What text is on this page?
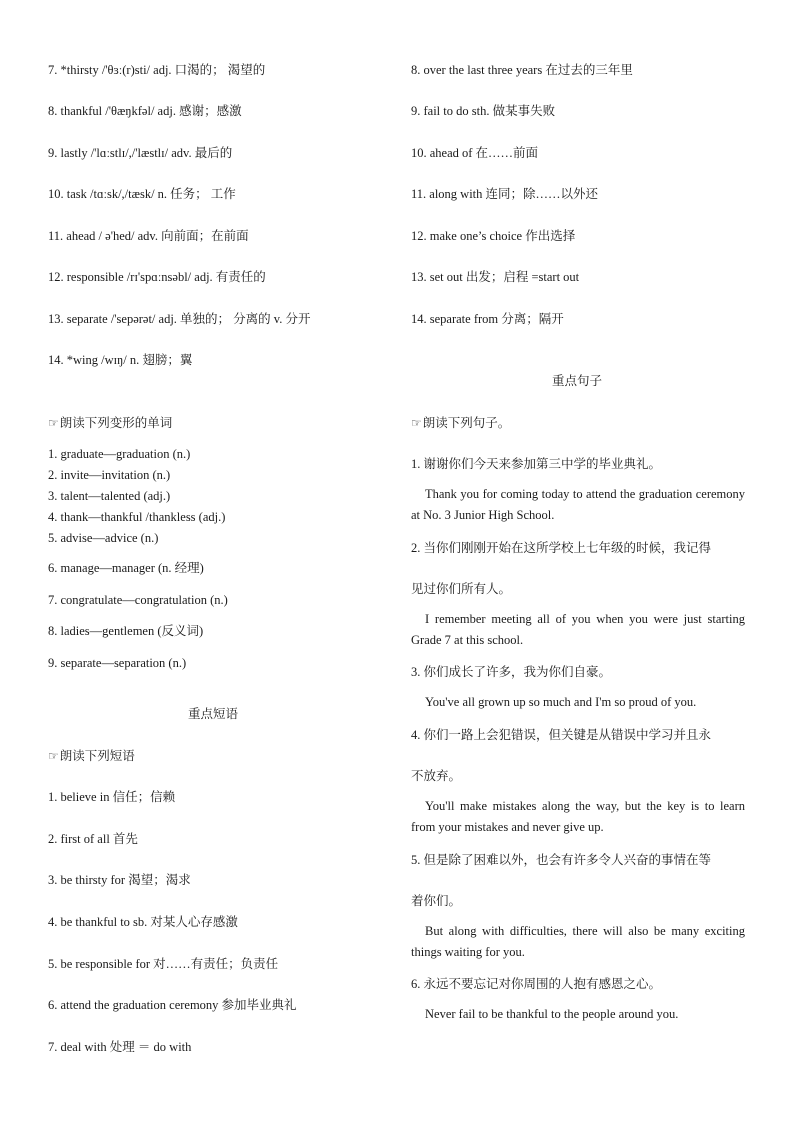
7. *thirsty /'θɜː(r)sti/ adj. 口渴的； 渴望的
8. thankful /'θæŋkfəl/ adj. 感谢；感激
9. lastly /'lɑːstlɪ/,/'læstlɪ/ adv. 最后的
10. task /tɑːsk/,/tæsk/ n. 任务； 工作
11. ahead / ə'hed/ adv. 向前面；在前面
12. responsible /rɪ'spɑːnsəbl/ adj. 有责任的
13. separate /'sepərət/ adj. 单独的； 分离的 v. 分开
14. *wing /wɪŋ/ n. 翅膀；翼
☞朗读下列变形的单词
1. graduate—graduation (n.)
2. invite—invitation (n.)
3. talent—talented (adj.)
4. thank—thankful /thankless (adj.)
5. advise—advice (n.)
6. manage—manager (n. 经理)
7. congratulate—congratulation (n.)
8. ladies—gentlemen (反义词)
9. separate—separation (n.)
重点短语
☞朗读下列短语
1. believe in 信任；信赖
2. first of all 首先
3. be thirsty for 渴望；渴求
4. be thankful to sb. 对某人心存感激
5. be responsible for 对……有责任；负责任
6. attend the graduation ceremony 参加毕业典礼
7. deal with 处理 ＝ do with
8. over the last three years 在过去的三年里
9. fail to do sth. 做某事失败
10. ahead of 在……前面
11. along with 连同；除……以外还
12. make one’s choice 作出选择
13. set out 出发；启程 =start out
14. separate from 分离；隔开
重点句子
☞朗读下列句子。
1. 谢谢你们今天来参加第三中学的毕业典礼。
Thank you for coming today to attend the graduation ceremony at No. 3 Junior High School.
2. 当你们刚刚开始在这所学校上七年级的时候，我记得
见过你们所有人。
I remember meeting all of you when you were just starting Grade 7 at this school.
3. 你们成长了许多，我为你们自豪。
You've all grown up so much and I'm so proud of you.
4. 你们一路上会犯错误，但关键是从错误中学习并且永
不放弃。
You'll make mistakes along the way, but the key is to learn from your mistakes and never give up.
5. 但是除了困难以外，也会有许多令人兴奋的事情在等
着你们。
But along with difficulties, there will also be many exciting things waiting for you.
6. 永远不要忘记对你周围的人抱有感恩之心。
Never fail to be thankful to the people around you.
